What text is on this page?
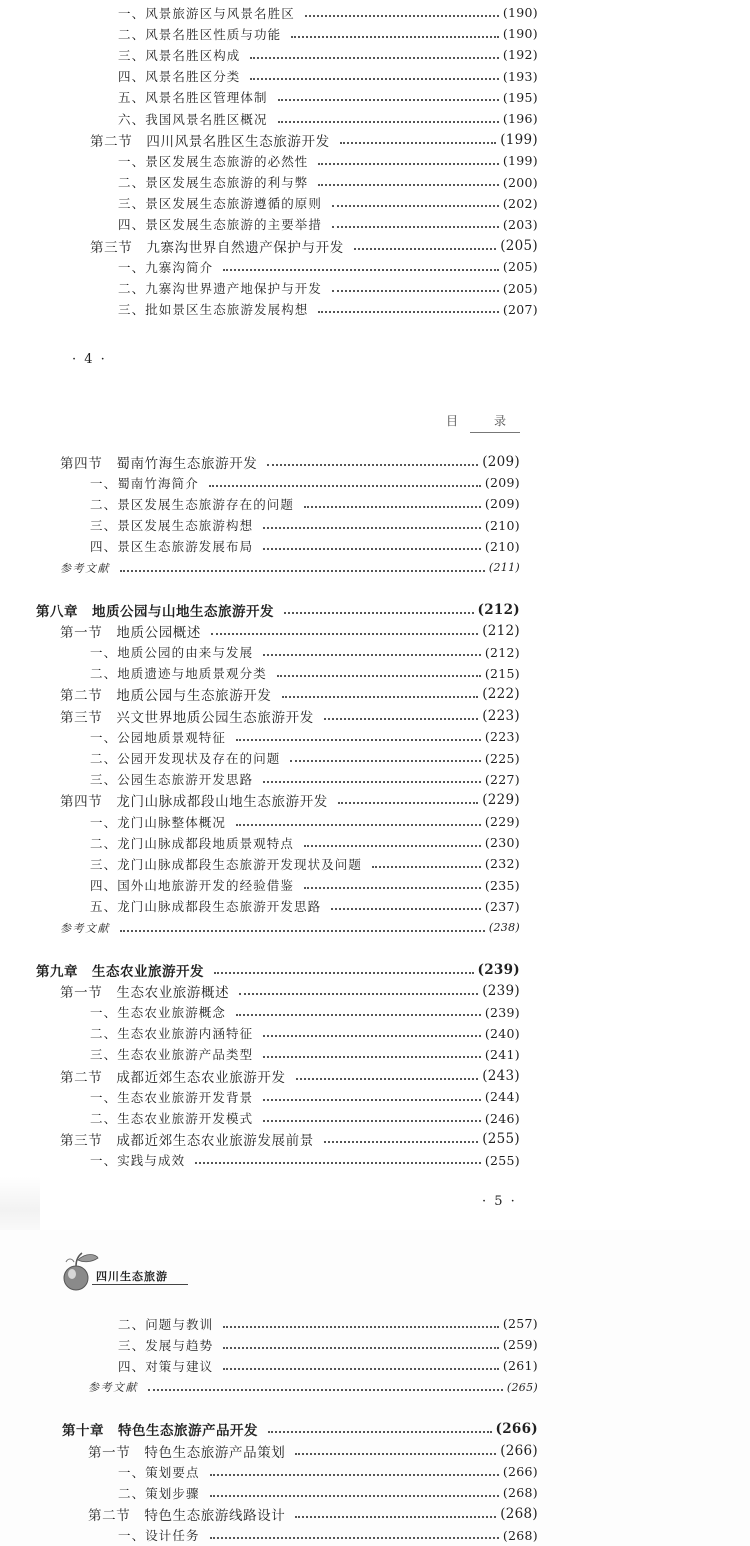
一、风景旅游区与风景名胜区	(190)
二、风景名胜区性质与功能	(190)
三、风景名胜区构成	(192)
四、风景名胜区分类	(193)
五、风景名胜区管理体制	(195)
六、我国风景名胜区概况	(196)
第二节　四川风景名胜区生态旅游开发	(199)
一、景区发展生态旅游的必然性	(199)
二、景区发展生态旅游的利与弊	(200)
三、景区发展生态旅游遵循的原则	(202)
四、景区发展生态旅游的主要举措	(203)
第三节　九寨沟世界自然遗产保护与开发	(205)
一、九寨沟简介	(205)
二、九寨沟世界遗产地保护与开发	(205)
三、批如景区生态旅游发展构想	(207)
· 4 ·
目　录
第四节　蜀南竹海生态旅游开发	(209)
一、蜀南竹海简介	(209)
二、景区发展生态旅游存在的问题	(209)
三、景区发展生态旅游构想	(210)
四、景区生态旅游发展布局	(210)
参考文献	(211)
第八章　地质公园与山地生态旅游开发	(212)
第一节　地质公园概述	(212)
一、地质公园的由来与发展	(212)
二、地质遗迹与地质景观分类	(215)
第二节　地质公园与生态旅游开发	(222)
第三节　兴文世界地质公园生态旅游开发	(223)
一、公园地质景观特征	(223)
二、公园开发现状及存在的问题	(225)
三、公园生态旅游开发思路	(227)
第四节　龙门山脉成都段山地生态旅游开发	(229)
一、龙门山脉整体概况	(229)
二、龙门山脉成都段地质景观特点	(230)
三、龙门山脉成都段生态旅游开发现状及问题	(232)
四、国外山地旅游开发的经验借鉴	(235)
五、龙门山脉成都段生态旅游开发思路	(237)
参考文献	(238)
第九章　生态农业旅游开发	(239)
第一节　生态农业旅游概述	(239)
一、生态农业旅游概念	(239)
二、生态农业旅游内涵特征	(240)
三、生态农业旅游产品类型	(241)
第二节　成都近郊生态农业旅游开发	(243)
一、生态农业旅游开发背景	(244)
二、生态农业旅游开发模式	(246)
第三节　成都近郊生态农业旅游发展前景	(255)
一、实践与成效	(255)
· 5 ·
四川生态旅游
二、问题与教训	(257)
三、发展与趋势	(259)
四、对策与建议	(261)
参考文献	(265)
第十章　特色生态旅游产品开发	(266)
第一节　特色生态旅游产品策划	(266)
一、策划要点	(266)
二、策划步骤	(268)
第二节　特色生态旅游线路设计	(268)
一、设计任务	(268)
